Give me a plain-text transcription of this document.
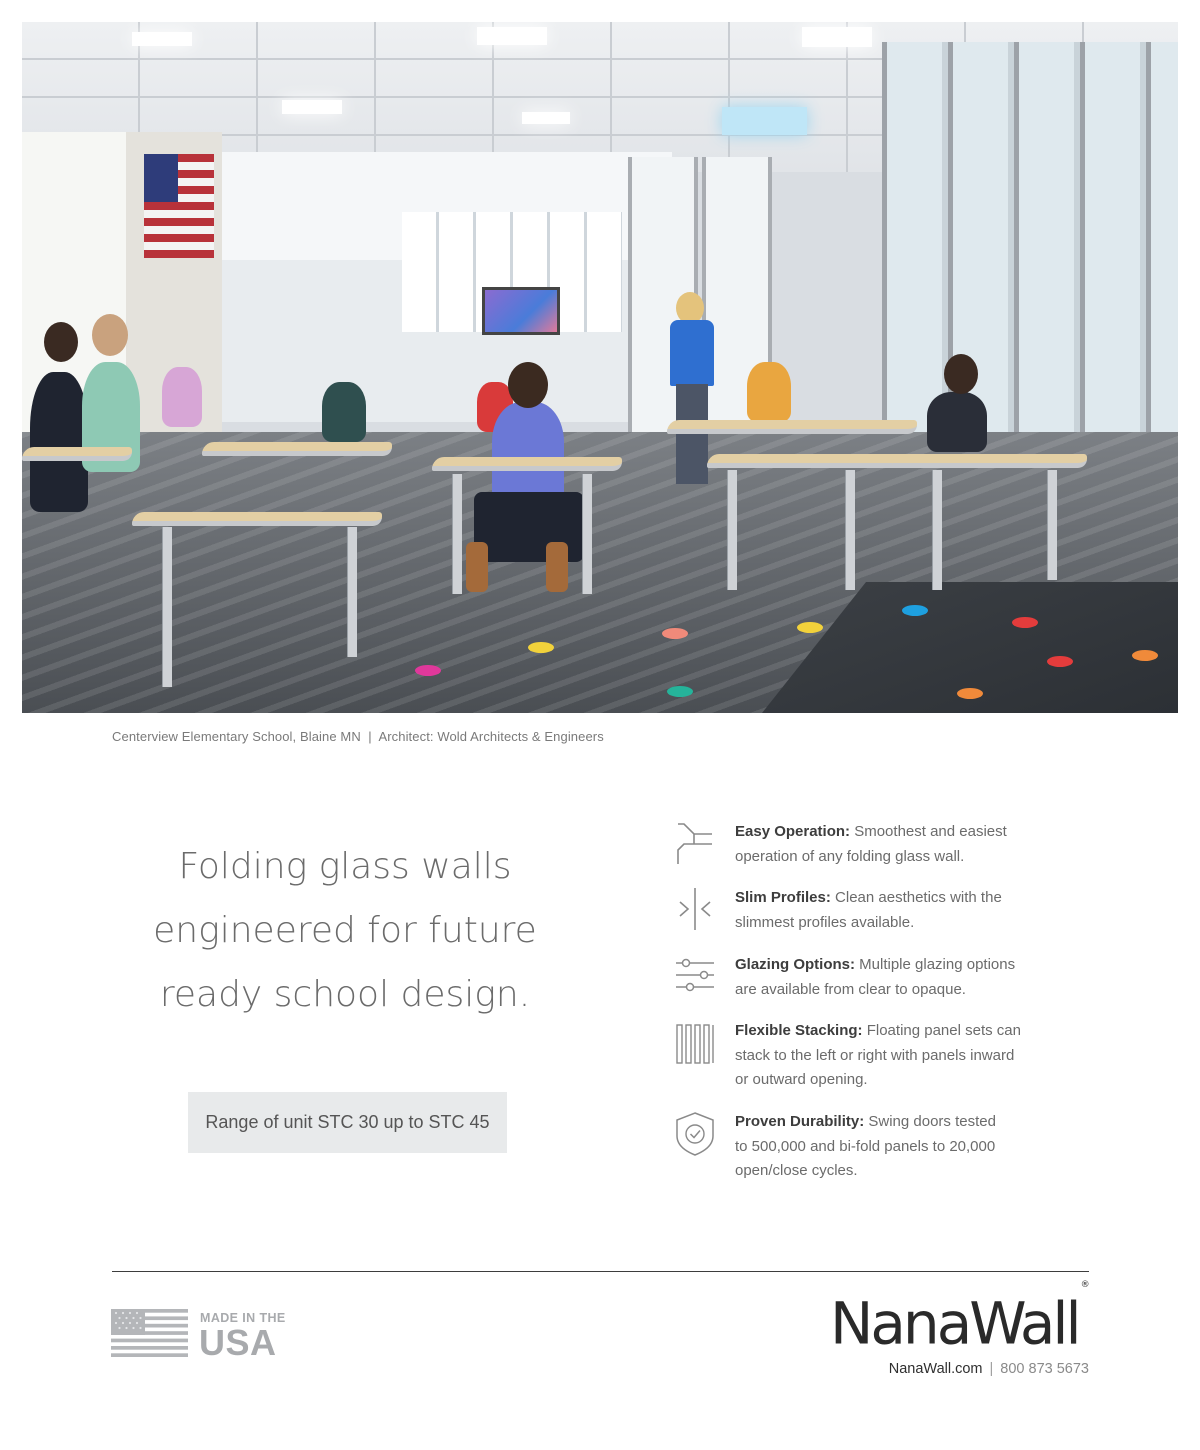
Centerview Elementary School, Blaine MN  |  Architect: Wold Architects & Engineers
Folding glass walls
engineered for future
ready school design.
Range of unit STC 30 up to STC 45
Easy Operation: Smoothest and easiest
operation of any folding glass wall.
Slim Profiles: Clean aesthetics with the
slimmest profiles available.
Glazing Options: Multiple glazing options
are available from clear to opaque.
Flexible Stacking: Floating panel sets can
stack to the left or right with panels inward
or outward opening.
Proven Durability: Swing doors tested
to 500,000 and bi-fold panels to 20,000
open/close cycles.
MADE IN THE
USA	NanaWall®
NanaWall.com | 800 873 5673
